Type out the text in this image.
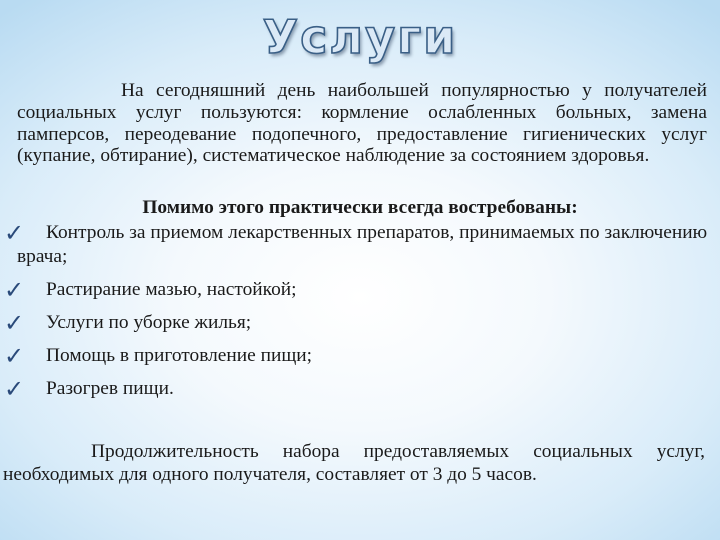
Услуги
На сегодняшний день наибольшей популярностью у получателей социальных услуг пользуются: кормление ослабленных больных, замена памперсов, переодевание подопечного, предоставление гигиенических услуг (купание, обтирание), систематическое наблюдение за состоянием здоровья.
Помимо этого практически всегда востребованы:
✓ Контроль за приемом лекарственных препаратов, принимаемых по заключению врача;
✓ Растирание мазью, настойкой;
✓ Услуги по уборке жилья;
✓ Помощь в приготовление пищи;
✓ Разогрев пищи.
Продолжительность набора предоставляемых социальных услуг, необходимых для одного получателя, составляет от 3 до 5 часов.
